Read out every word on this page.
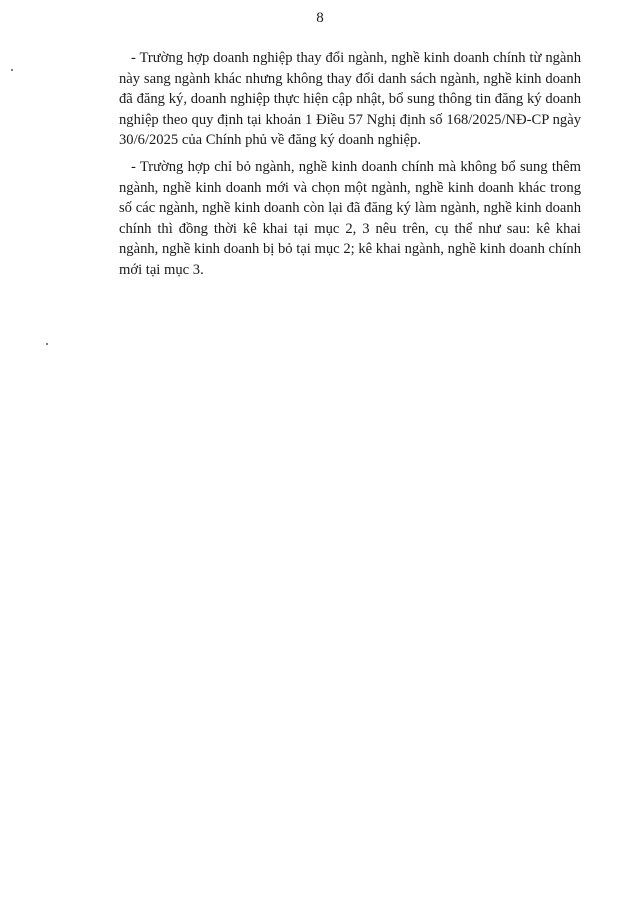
8

- Trường hợp doanh nghiệp thay đổi ngành, nghề kinh doanh chính từ ngành này sang ngành khác nhưng không thay đổi danh sách ngành, nghề kinh doanh đã đăng ký, doanh nghiệp thực hiện cập nhật, bổ sung thông tin đăng ký doanh nghiệp theo quy định tại khoản 1 Điều 57 Nghị định số 168/2025/NĐ-CP ngày 30/6/2025 của Chính phủ về đăng ký doanh nghiệp.

- Trường hợp chỉ bỏ ngành, nghề kinh doanh chính mà không bổ sung thêm ngành, nghề kinh doanh mới và chọn một ngành, nghề kinh doanh khác trong số các ngành, nghề kinh doanh còn lại đã đăng ký làm ngành, nghề kinh doanh chính thì đồng thời kê khai tại mục 2, 3 nêu trên, cụ thể như sau: kê khai ngành, nghề kinh doanh bị bỏ tại mục 2; kê khai ngành, nghề kinh doanh chính mới tại mục 3.
